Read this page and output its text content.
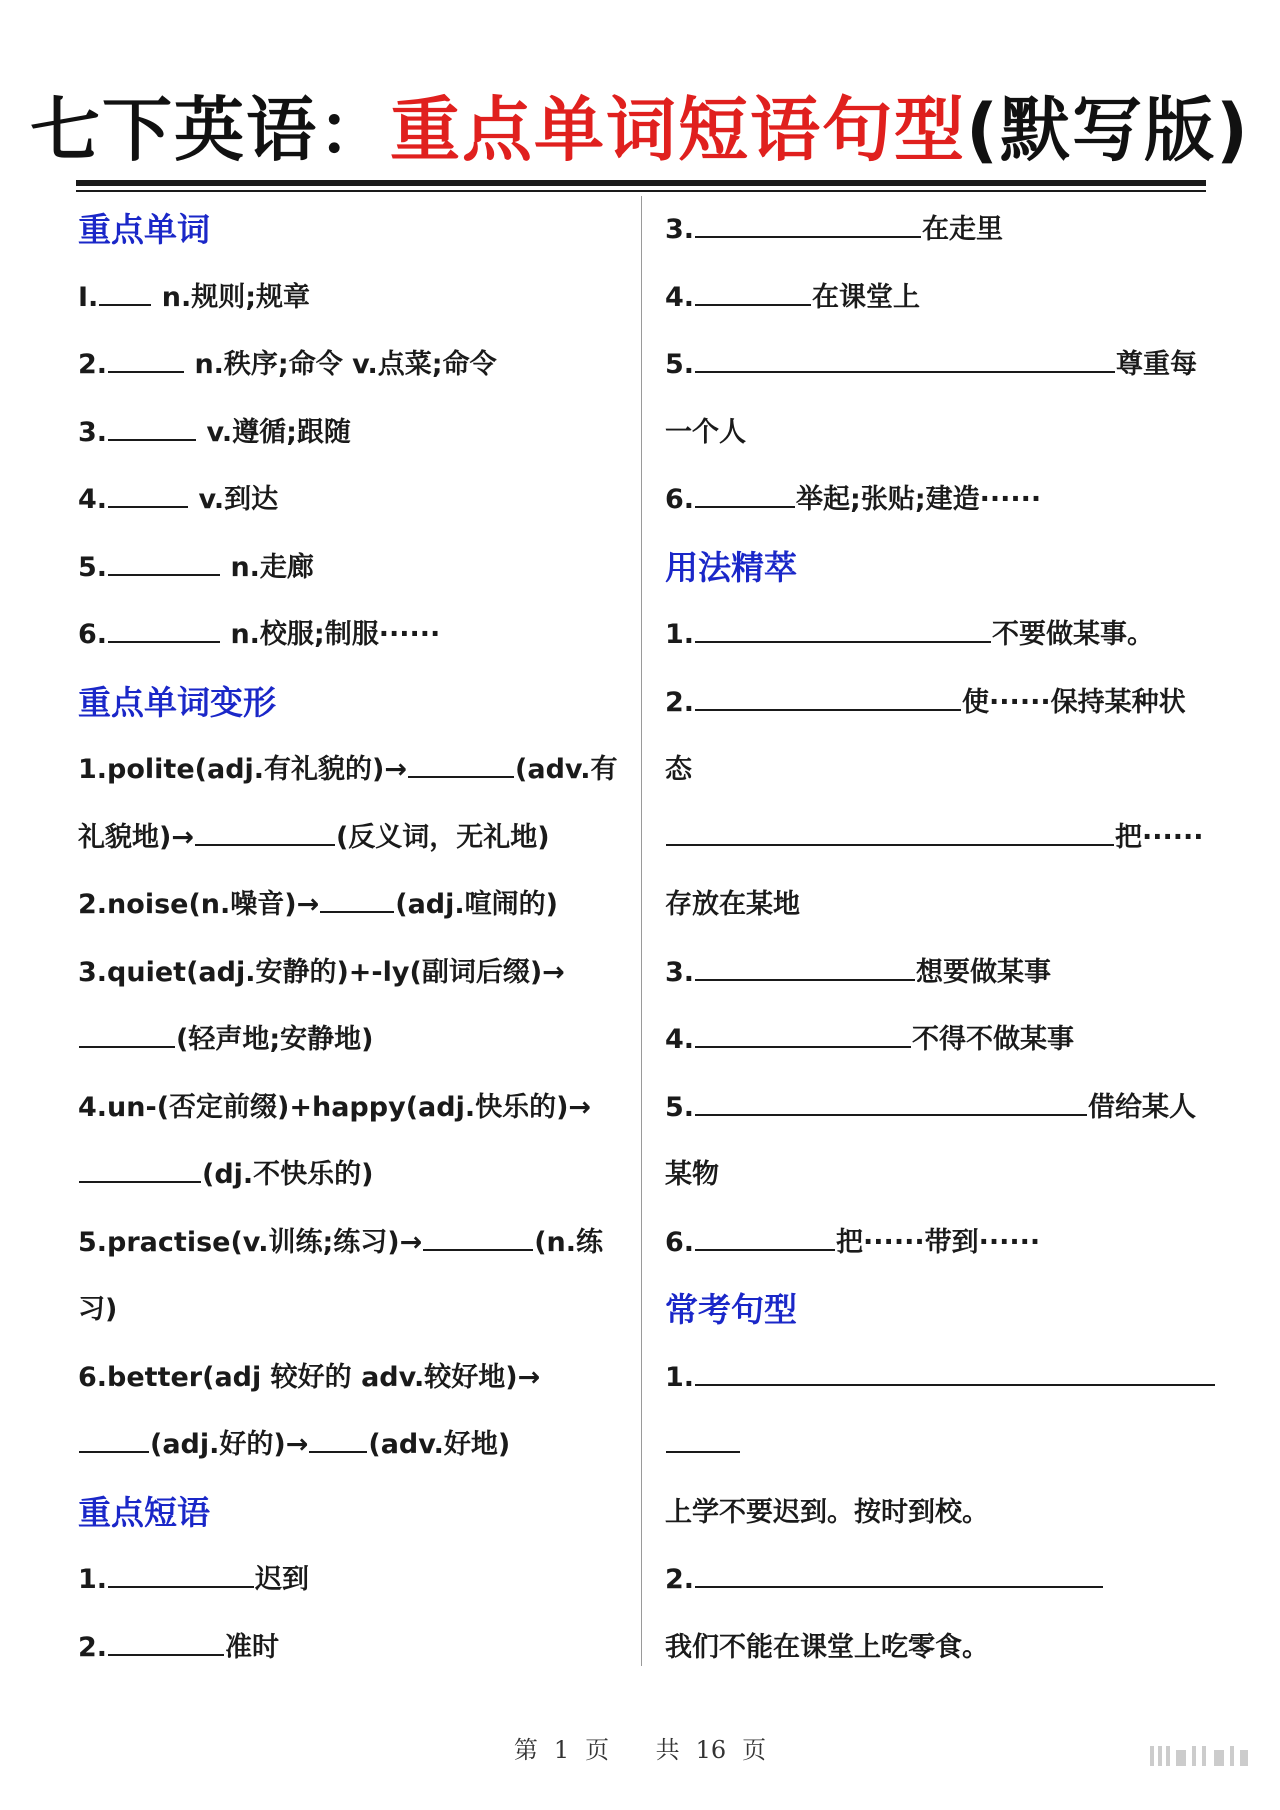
七下英语：重点单词短语句型(默写版)
重点单词
I. n.规则;规章
2.	n.秩序;命令 v.点菜;命令
3.	v.遵循;跟随
4.	v.到达
5.	n.走廊
6.	n.校服;制服······
重点单词变形
1.polite(adj.有礼貌的)→	(adv.有
礼貌地)→	(反义词，无礼地)
2.noise(n.噪音)→	(adj.喧闹的)
3.quiet(adj.安静的)+-ly(副词后缀)→
(轻声地;安静地)
4.un-(否定前缀)+happy(adj.快乐的)→
(dj.不快乐的)
5.practise(v.训练;练习)→	(n.练
习)
6.better(adj 较好的 adv.较好地)→
(adj.好的)→ (adv.好地)
重点短语
1.	迟到
2.	准时
3.	在走里
4.	在课堂上
5.	尊重每
一个人
6.	举起;张贴;建造······
用法精萃
1.	不要做某事。
2.	使······保持某种状
态
把······
存放在某地
3.	想要做某事
4.	不得不做某事
5.	借给某人
某物
6.	把······带到······
常考句型
1.
上学不要迟到。按时到校。
2.
我们不能在课堂上吃零食。
第 1 页 共 16 页
